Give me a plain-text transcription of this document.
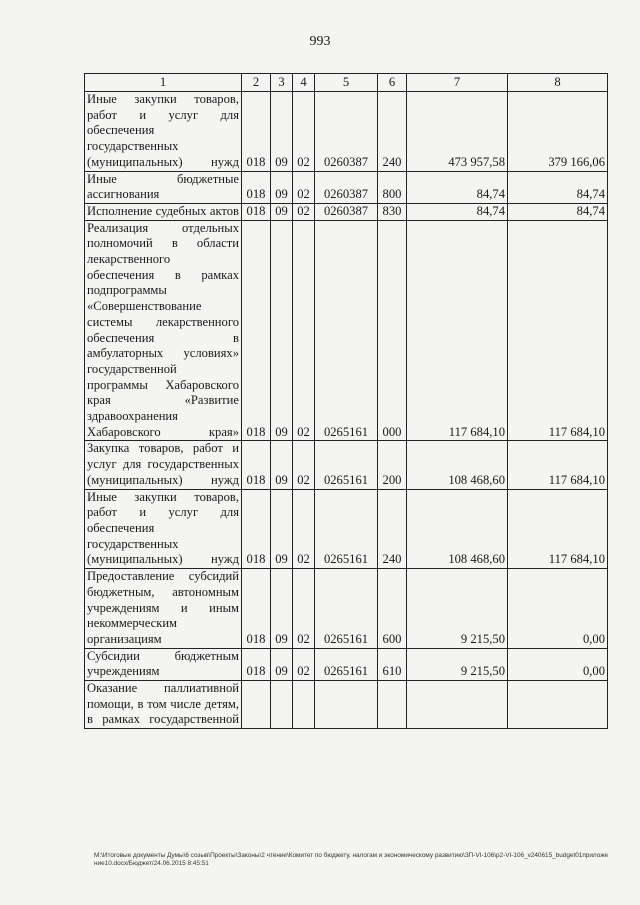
993
1	2	3	4	5	6	7	8
Иные закупки товаров, работ и услуг для обеспечения государственных (муниципальных) нужд	018	09	02	0260387	240	473 957,58	379 166,06
Иные бюджетные ассигнования	018	09	02	0260387	800	84,74	84,74
Исполнение судебных актов	018	09	02	0260387	830	84,74	84,74
Реализация отдельных полномочий в области лекарственного обеспечения в рамках подпрограммы «Совершенствование системы лекарственного обеспечения в амбулаторных условиях» государственной программы Хабаровского края «Развитие здравоохранения Хабаровского края»	018	09	02	0265161	000	117 684,10	117 684,10
Закупка товаров, работ и услуг для государственных (муниципальных) нужд	018	09	02	0265161	200	108 468,60	117 684,10
Иные закупки товаров, работ и услуг для обеспечения государственных (муниципальных) нужд	018	09	02	0265161	240	108 468,60	117 684,10
Предоставление субсидий бюджетным, автономным учреждениям и иным некоммерческим организациям	018	09	02	0265161	600	9 215,50	0,00
Субсидии бюджетным учреждениям	018	09	02	0265161	610	9 215,50	0,00
Оказание паллиативной помощи, в том числе детям, в рамках государственной							
M:\Итоговые документы Думы\6 созыв\Проекты\Законы\2 чтение\Комитет по бюджету, налогам и экономическому развитию\ЗП-VI-106\р2-VI-106_v240615_budget01приложение10.docx/Бюджет/24.06.2015 8:45:51
